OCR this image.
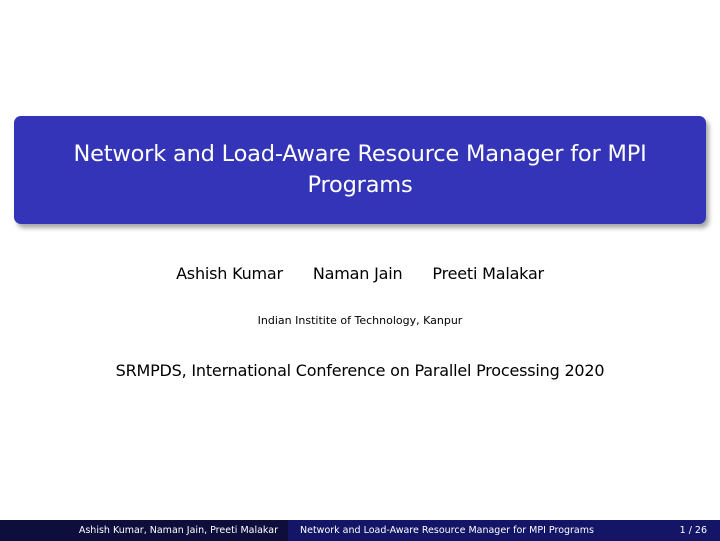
Network and Load-Aware Resource Manager for MPI Programs
Ashish Kumar Naman Jain Preeti Malakar
Indian Institite of Technology, Kanpur
SRMPDS, International Conference on Parallel Processing 2020
Ashish Kumar, Naman Jain, Preeti Malakar Network and Load-Aware Resource Manager for MPI Programs	1 / 26
